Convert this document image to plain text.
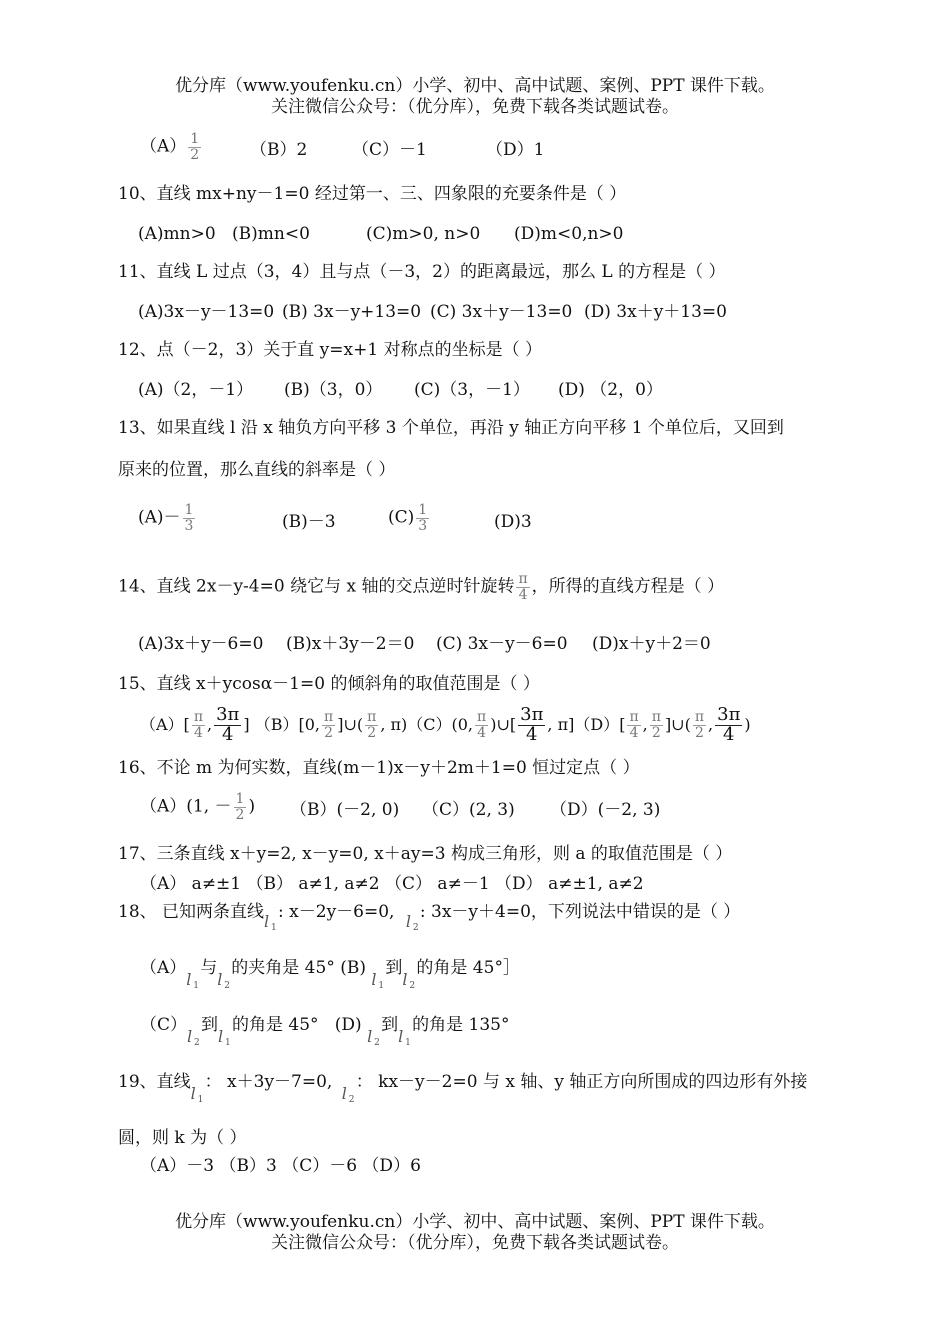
优分库（www.youfenku.cn）小学、初中、高中试题、案例、PPT 课件下载。
关注微信公众号：（优分库），免费下载各类试题试卷。
$(A) \frac{1}{2}$	（B）2	（C）－1	（D）1
10、直线 mx+ny－1=0 经过第一、三、四象限的充要条件是（ ）
(A)mn>0 (B)mn<0	(C)m>0, n>0 (D)m<0,n>0
11、直线 L 过点（3，4）且与点（－3，2）的距离最远，那么 L 的方程是（ ）
(A)3x－y－13=0 (B) 3x－y+13=0 (C) 3x＋y－13=0 (D) 3x＋y＋13=0
12、点（－2，3）关于直 y=x+1 对称点的坐标是（ ）
(A)（2，－1） (B)（3，0） (C)（3，－1） (D) （2，0）
13、如果直线 l 沿 x 轴负方向平移 3 个单位，再沿 y 轴正方向平移 1 个单位后，又回到
原来的位置，那么直线的斜率是（ ）
$(A)- \frac{1}{3}$	(B)－3	$(C) \frac{1}{3}$	(D)3
14、直线 2x－y-4=0 绕它与 x 轴的交点逆时针旋转 $\frac{\pi}{4}$ ，所得的直线方程是（ ）
(A)3x＋y－6=0 (B)x＋3y－2＝0 (C) 3x－y－6=0 (D)x＋y＋2＝0
15、直线 x＋ycosα－1=0 的倾斜角的取值范围是（ ）
$(A)[ \frac{\pi}{4}$ , $\frac{3\pi}{4}$ ] （B）[0, $\frac{\pi}{2}$ ]∪( $\frac{\pi}{2}$ , π)（C）(0, $\frac{\pi}{4}$ )∪[ $\frac{3\pi}{4}$ , $\pi](D)[ \frac{\pi}{4}$ , $\frac{\pi}{2}$ ]∪( $\frac{\pi}{2}$ , $\frac{3\pi}{4}$ )
16、不论 m 为何实数，直线(m－1)x－y＋2m＋1=0 恒过定点（ ）
（A）(1, － $\frac{1}{2}$ ) （B）(－2, 0) （C）(2, 3) （D）(－2, 3)
17、三条直线 x＋y=2, x－y=0, x＋ay=3 构成三角形，则 a 的取值范围是（ ）
（A） a≠±1 （B） a≠1, a≠2 （C） a≠－1 （D） a≠±1, a≠2
18、 已知两条直线l 1
: x－2y－6=0, l 2
: 3x－y＋4=0，下列说法中错误的是（ ）
（A）l 1
与l 2
的夹角是 45° (B) l 1
到l 2
的角是 45°］
（C）l 2
到l 1
的角是 45° (D) l 2
到l 1
的角是 135°
19、直线l 1
： x＋3y－7=0, l 2
： kx－y－2=0 与 x 轴、y 轴正方向所围成的四边形有外接
圆，则 k 为（ ）
（A）－3 （B）3 （C）－6 （D）6
优分库（www.youfenku.cn）小学、初中、高中试题、案例、PPT 课件下载。
关注微信公众号：（优分库），免费下载各类试题试卷。
